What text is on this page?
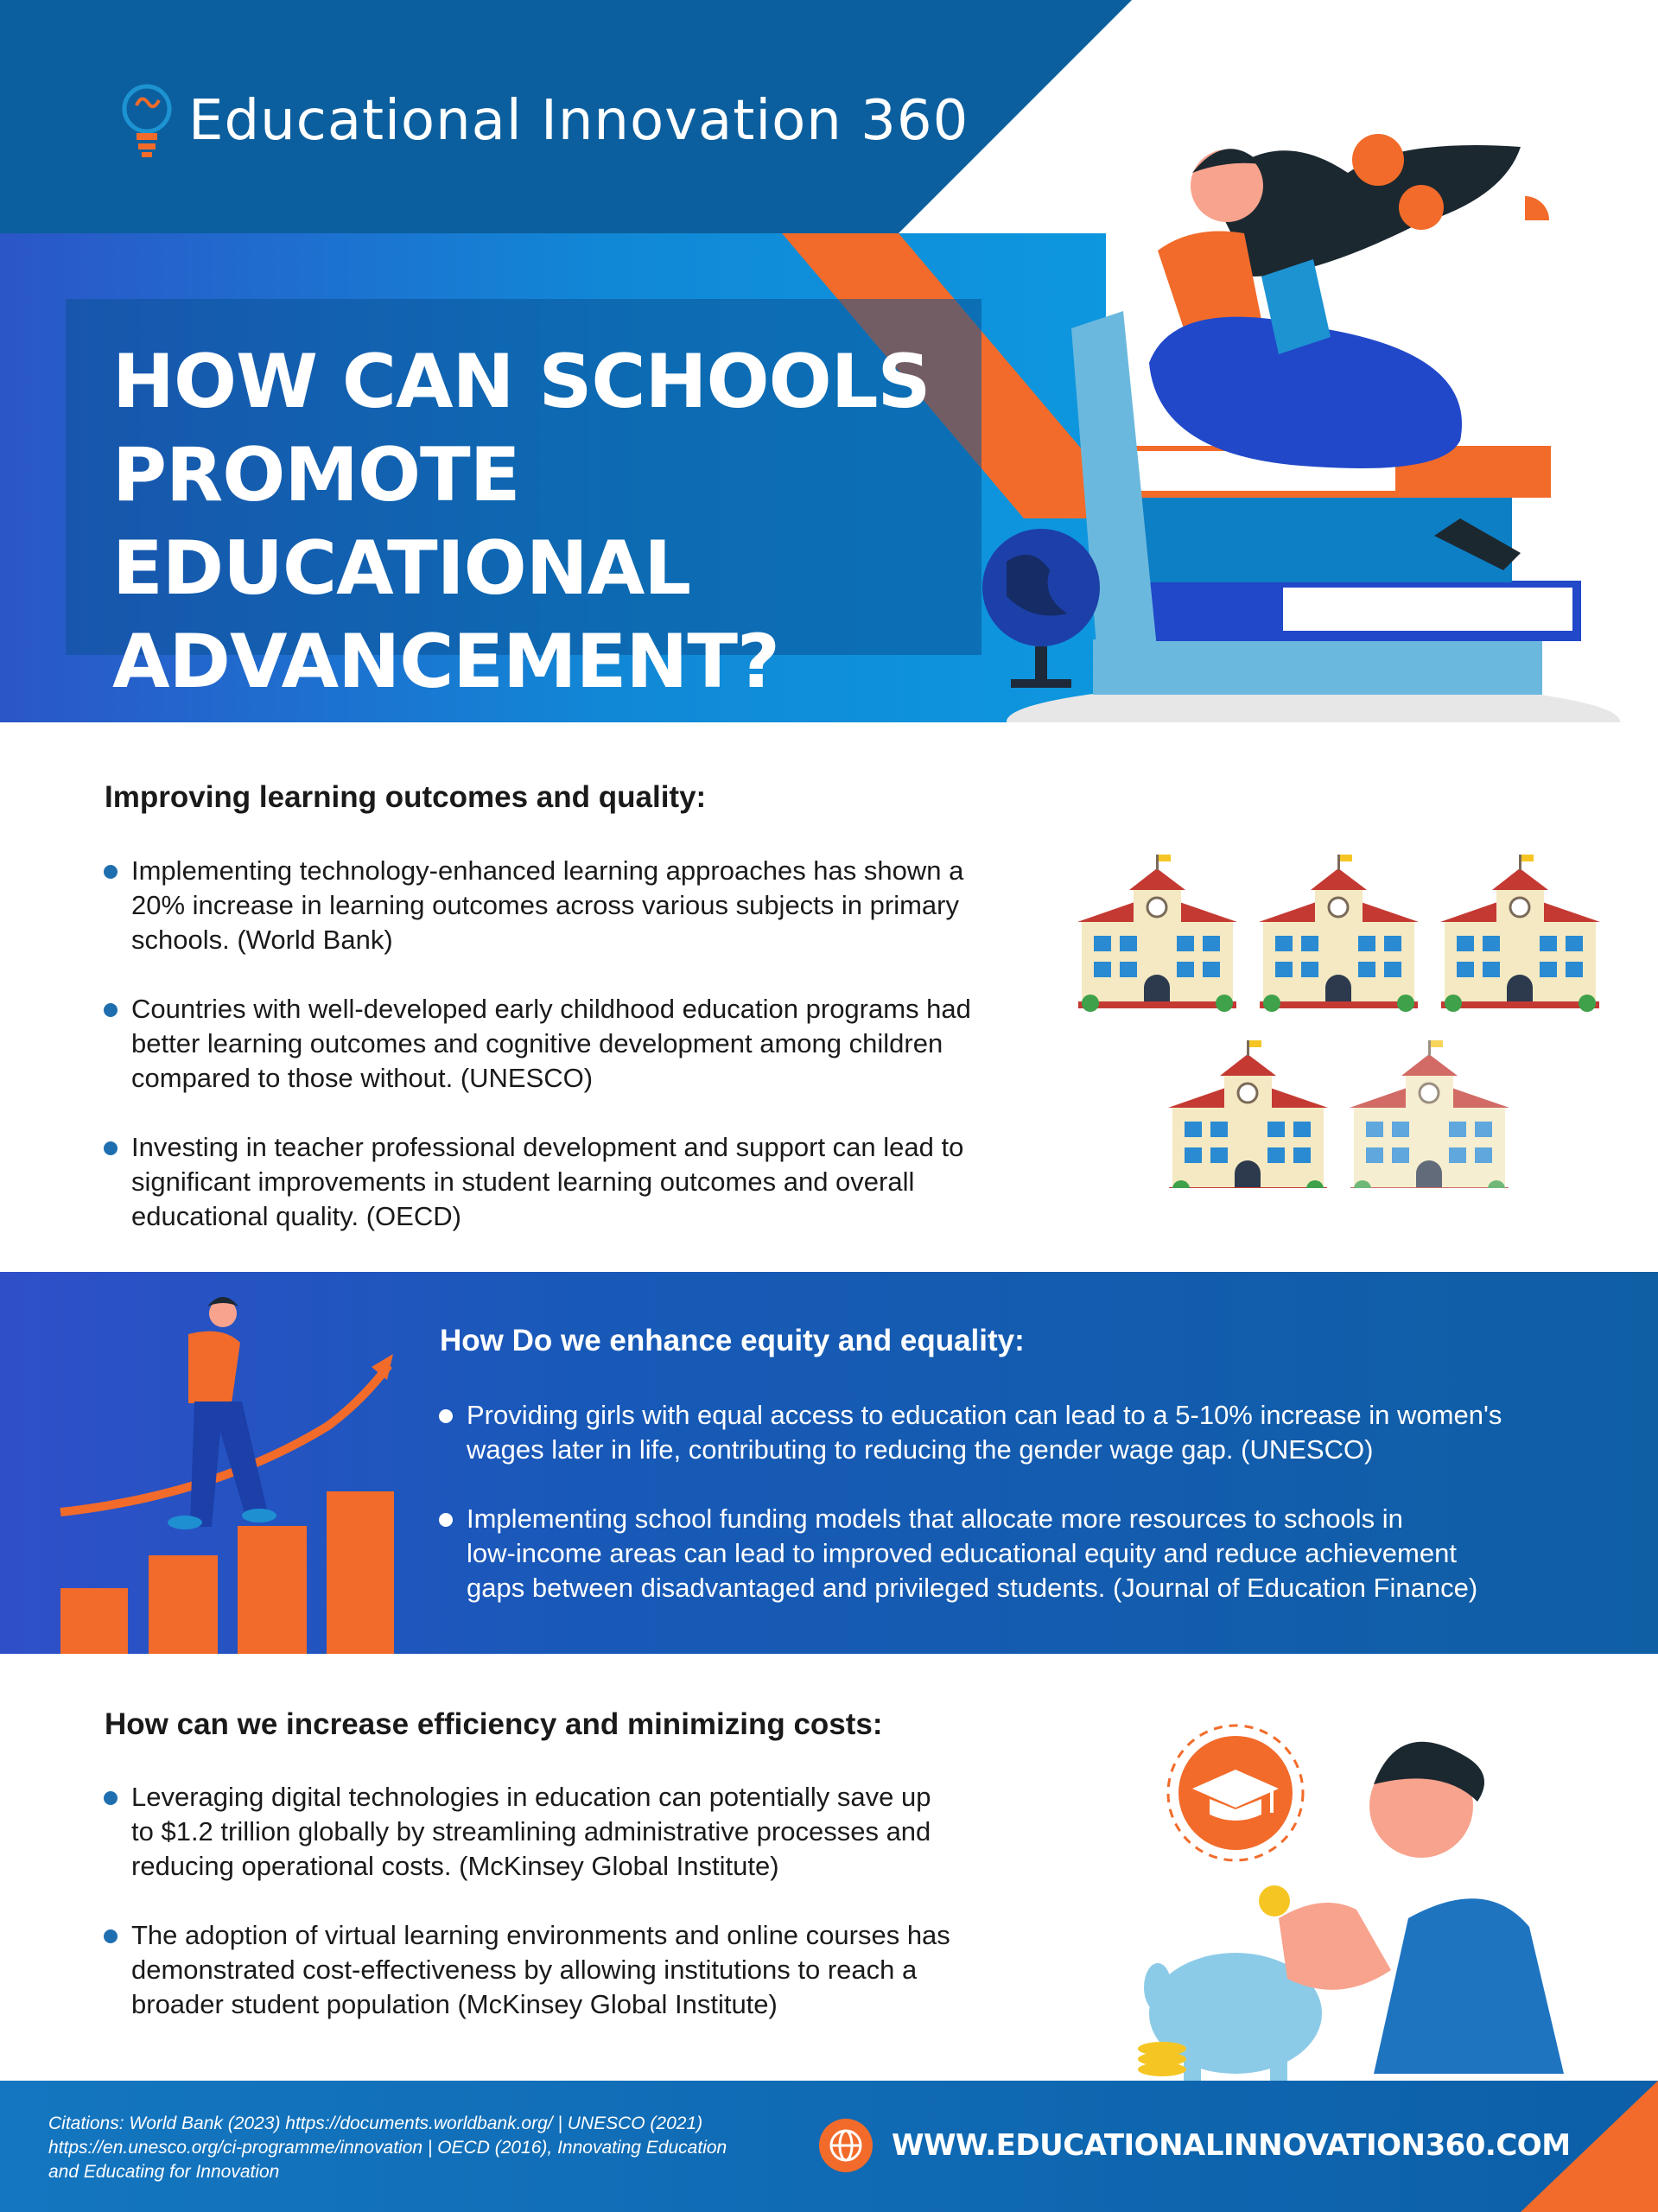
Educational Innovation 360
HOW CAN SCHOOLS
PROMOTE EDUCATIONAL
ADVANCEMENT?
Improving learning outcomes and quality:
Implementing technology-enhanced learning approaches has shown a
20% increase in learning outcomes across various subjects in primary
schools. (World Bank)
Countries with well-developed early childhood education programs had
better learning outcomes and cognitive development among children
compared to those without. (UNESCO)
Investing in teacher professional development and support can lead to
significant improvements in student learning outcomes and overall
educational quality. (OECD)
How Do we enhance equity and equality:
Providing girls with equal access to education can lead to a 5-10% increase in women's
wages later in life, contributing to reducing the gender wage gap. (UNESCO)
Implementing school funding models that allocate more resources to schools in
low-income areas can lead to improved educational equity and reduce achievement
gaps between disadvantaged and privileged students. (Journal of Education Finance)
How can we increase efficiency and minimizing costs:
Leveraging digital technologies in education can potentially save up
to $1.2 trillion globally by streamlining administrative processes and
reducing operational costs. (McKinsey Global Institute)
The adoption of virtual learning environments and online courses has
demonstrated cost-effectiveness by allowing institutions to reach a
broader student population (McKinsey Global Institute)
Citations: World Bank (2023) https://documents.worldbank.org/ | UNESCO (2021)
https://en.unesco.org/ci-programme/innovation | OECD (2016), Innovating Education
and Educating for Innovation
WWW.EDUCATIONALINNOVATION360.COM
